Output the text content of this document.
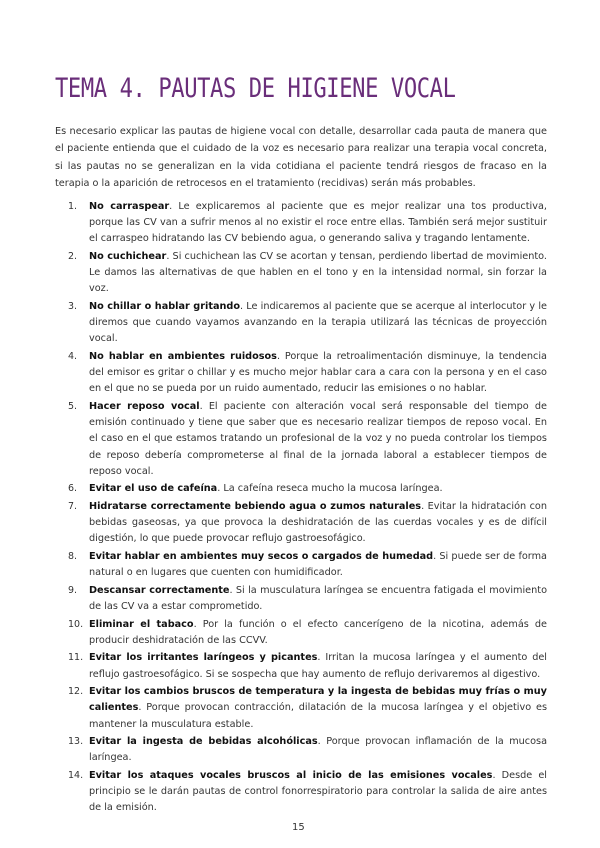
TEMA 4. PAUTAS DE HIGIENE VOCAL

Es necesario explicar las pautas de higiene vocal con detalle, desarrollar cada pauta de manera que el paciente entienda que el cuidado de la voz es necesario para realizar una terapia vocal concreta, si las pautas no se generalizan en la vida cotidiana el paciente tendrá riesgos de fracaso en la terapia o la aparición de retrocesos en el tratamiento (recidivas) serán más probables.

1.	No carraspear. Le explicaremos al paciente que es mejor realizar una tos productiva, porque las CV van a sufrir menos al no existir el roce entre ellas. También será mejor sustituir el carraspeo hidratando las CV bebiendo agua, o generando saliva y tragando lentamente.
2.	No cuchichear. Si cuchichean las CV se acortan y tensan, perdiendo libertad de movimiento. Le damos las alternativas de que hablen en el tono y en la intensidad normal, sin forzar la voz.
3.	No chillar o hablar gritando. Le indicaremos al paciente que se acerque al interlocutor y le diremos que cuando vayamos avanzando en la terapia utilizará las técnicas de proyección vocal.
4.	No hablar en ambientes ruidosos. Porque la retroalimentación disminuye, la tendencia del emisor es gritar o chillar y es mucho mejor hablar cara a cara con la persona y en el caso en el que no se pueda por un ruido aumentado, reducir las emisiones o no hablar.
5.	Hacer reposo vocal. El paciente con alteración vocal será responsable del tiempo de emisión continuado y tiene que saber que es necesario realizar tiempos de reposo vocal. En el caso en el que estamos tratando un profesional de la voz y no pueda controlar los tiempos de reposo debería comprometerse al final de la jornada laboral a establecer tiempos de reposo vocal.
6.	Evitar el uso de cafeína. La cafeína reseca mucho la mucosa laríngea.
7.	Hidratarse correctamente bebiendo agua o zumos naturales. Evitar la hidratación con bebidas gaseosas, ya que provoca la deshidratación de las cuerdas vocales y es de difícil digestión, lo que puede provocar reflujo gastroesofágico.
8.	Evitar hablar en ambientes muy secos o cargados de humedad. Si puede ser de forma natural o en lugares que cuenten con humidificador.
9.	Descansar correctamente. Si la musculatura laríngea se encuentra fatigada el movimiento de las CV va a estar comprometido.
10. Eliminar el tabaco. Por la función o el efecto cancerígeno de la nicotina, además de producir deshidratación de las CCVV.
11. Evitar los irritantes laríngeos y picantes. Irritan la mucosa laríngea y el aumento del reflujo gastroesofágico. Si se sospecha que hay aumento de reflujo derivaremos al digestivo.
12. Evitar los cambios bruscos de temperatura y la ingesta de bebidas muy frías o muy calientes. Porque provocan contracción, dilatación de la mucosa laríngea y el objetivo es mantener la musculatura estable.
13. Evitar la ingesta de bebidas alcohólicas. Porque provocan inflamación de la mucosa laríngea.
14. Evitar los ataques vocales bruscos al inicio de las emisiones vocales. Desde el principio se le darán pautas de control fonorrespiratorio para controlar la salida de aire antes de la emisión.
15
